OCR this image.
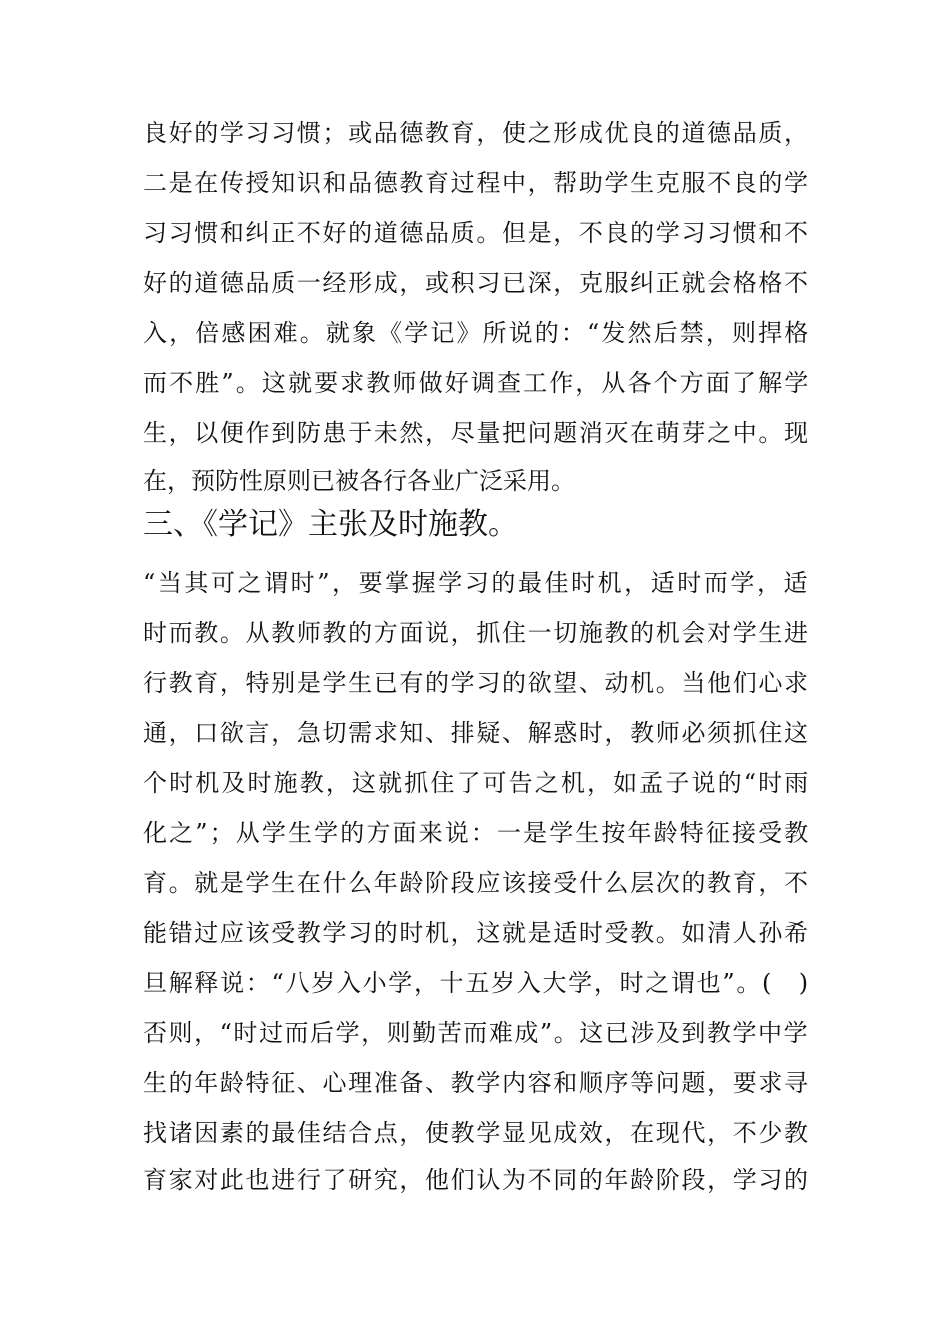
良好的学习习惯；或品德教育，使之形成优良的道德品质，
二是在传授知识和品德教育过程中，帮助学生克服不良的学
习习惯和纠正不好的道德品质。但是，不良的学习习惯和不
好的道德品质一经形成，或积习已深，克服纠正就会格格不
入，倍感困难。就象《学记》所说的：“发然后禁，则捍格
而不胜”。这就要求教师做好调查工作，从各个方面了解学
生，以便作到防患于未然，尽量把问题消灭在萌芽之中。现
在，预防性原则已被各行各业广泛采用。
三、《学记》主张及时施教。
“当其可之谓时”，要掌握学习的最佳时机，适时而学，适
时而教。从教师教的方面说，抓住一切施教的机会对学生进
行教育，特别是学生已有的学习的欲望、动机。当他们心求
通，口欲言，急切需求知、排疑、解惑时，教师必须抓住这
个时机及时施教，这就抓住了可告之机，如孟子说的“时雨
化之”；从学生学的方面来说：一是学生按年龄特征接受教
育。就是学生在什么年龄阶段应该接受什么层次的教育，不
能错过应该受教学习的时机，这就是适时受教。如清人孙希
旦解释说：“八岁入小学，十五岁入大学，时之谓也”。(　)
否则，“时过而后学，则勤苦而难成”。这已涉及到教学中学
生的年龄特征、心理准备、教学内容和顺序等问题，要求寻
找诸因素的最佳结合点，使教学显见成效，在现代，不少教
育家对此也进行了研究，他们认为不同的年龄阶段，学习的
